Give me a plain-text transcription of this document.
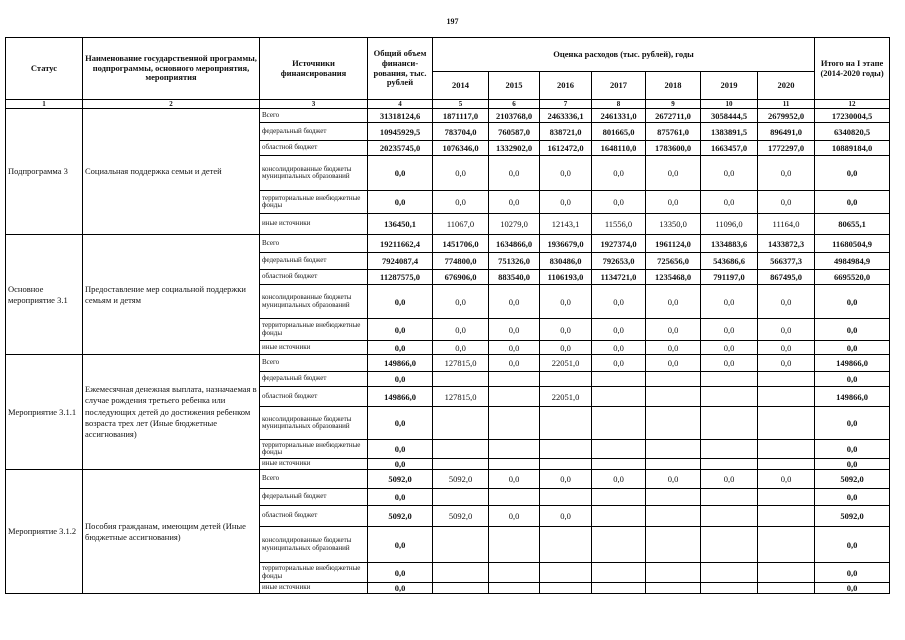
197
Статус	Наименование государственной программы, подпрограммы, основного мероприятия, мероприятия	Источники финансирования	Общий объем финанси-рования, тыс. рублей	Оценка расходов (тыс. рублей), годы							Итого на I этапе (2014-2020 годы)
				2014	2015	2016	2017	2018	2019	2020	
1	2	3	4	5	6	7	8	9	10	11	12
Подпрограмма 3	Социальная поддержка семьи и детей	Всего	31318124,6	1871117,0	2103768,0	2463336,1	2461331,0	2672711,0	3058444,5	2679952,0	17230004,5
		федеральный бюджет	10945929,5	783704,0	760587,0	838721,0	801665,0	875761,0	1383891,5	896491,0	6340820,5
		областной бюджет	20235745,0	1076346,0	1332902,0	1612472,0	1648110,0	1783600,0	1663457,0	1772297,0	10889184,0
		консолидированные бюджеты муниципальных образований	0,0	0,0	0,0	0,0	0,0	0,0	0,0	0,0	0,0
		территориальные внебюджетные фонды	0,0	0,0	0,0	0,0	0,0	0,0	0,0	0,0	0,0
		иные источники	136450,1	11067,0	10279,0	12143,1	11556,0	13350,0	11096,0	11164,0	80655,1
Основное мероприятие 3.1	Предоставление мер социальной поддержки семьям и детям	Всего	19211662,4	1451706,0	1634866,0	1936679,0	1927374,0	1961124,0	1334883,6	1433872,3	11680504,9
		федеральный бюджет	7924087,4	774800,0	751326,0	830486,0	792653,0	725656,0	543686,6	566377,3	4984984,9
		областной бюджет	11287575,0	676906,0	883540,0	1106193,0	1134721,0	1235468,0	791197,0	867495,0	6695520,0
		консолидированные бюджеты муниципальных образований	0,0	0,0	0,0	0,0	0,0	0,0	0,0	0,0	0,0
		территориальные внебюджетные фонды	0,0	0,0	0,0	0,0	0,0	0,0	0,0	0,0	0,0
		иные источники	0,0	0,0	0,0	0,0	0,0	0,0	0,0	0,0	0,0
Мероприятие 3.1.1	Ежемесячная денежная выплата, назначаемая в случае рождения третьего ребенка или последующих детей до достижения ребенком возраста трех лет (Иные бюджетные ассигнования)	Всего	149866,0	127815,0	0,0	22051,0	0,0	0,0	0,0	0,0	149866,0
		федеральный бюджет	0,0								0,0
		областной бюджет	149866,0	127815,0		22051,0					149866,0
		консолидированные бюджеты муниципальных образований	0,0								0,0
		территориальные внебюджетные фонды	0,0								0,0
		иные источники	0,0								0,0
Мероприятие 3.1.2	Пособия гражданам, имеющим детей (Иные бюджетные ассигнования)	Всего	5092,0	5092,0	0,0	0,0	0,0	0,0	0,0	0,0	5092,0
		федеральный бюджет	0,0								0,0
		областной бюджет	5092,0	5092,0	0,0	0,0					5092,0
		консолидированные бюджеты муниципальных образований	0,0								0,0
		территориальные внебюджетные фонды	0,0								0,0
		иные источники	0,0								0,0
